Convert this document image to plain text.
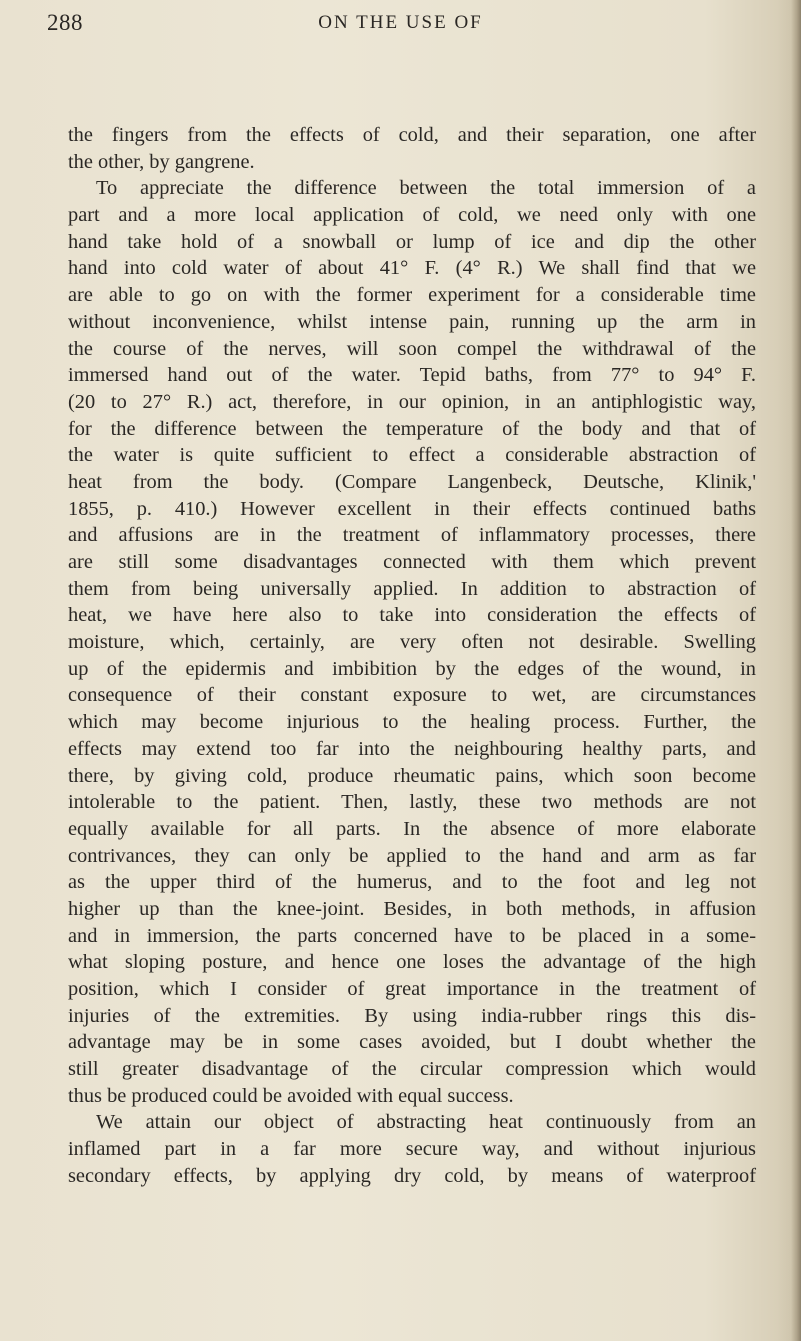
288	ON THE USE OF
the fingers from the effects of cold, and their separation, one after
the other, by gangrene.
To appreciate the difference between the total immersion of a
part and a more local application of cold, we need only with one
hand take hold of a snowball or lump of ice and dip the other
hand into cold water of about 41° F. (4° R.) We shall find that we
are able to go on with the former experiment for a considerable time
without inconvenience, whilst intense pain, running up the arm in
the course of the nerves, will soon compel the withdrawal of the
immersed hand out of the water. Tepid baths, from 77° to 94° F.
(20 to 27° R.) act, therefore, in our opinion, in an antiphlogistic way,
for the difference between the temperature of the body and that of
the water is quite sufficient to effect a considerable abstraction of
heat from the body. (Compare Langenbeck, Deutsche, Klinik,'
1855, p. 410.) However excellent in their effects continued baths
and affusions are in the treatment of inflammatory processes, there
are still some disadvantages connected with them which prevent
them from being universally applied. In addition to abstraction of
heat, we have here also to take into consideration the effects of
moisture, which, certainly, are very often not desirable. Swelling
up of the epidermis and imbibition by the edges of the wound, in
consequence of their constant exposure to wet, are circumstances
which may become injurious to the healing process. Further, the
effects may extend too far into the neighbouring healthy parts, and
there, by giving cold, produce rheumatic pains, which soon become
intolerable to the patient. Then, lastly, these two methods are not
equally available for all parts. In the absence of more elaborate
contrivances, they can only be applied to the hand and arm as far
as the upper third of the humerus, and to the foot and leg not
higher up than the knee-joint. Besides, in both methods, in affusion
and in immersion, the parts concerned have to be placed in a some-
what sloping posture, and hence one loses the advantage of the high
position, which I consider of great importance in the treatment of
injuries of the extremities. By using india-rubber rings this dis-
advantage may be in some cases avoided, but I doubt whether the
still greater disadvantage of the circular compression which would
thus be produced could be avoided with equal success.
We attain our object of abstracting heat continuously from an
inflamed part in a far more secure way, and without injurious
secondary effects, by applying dry cold, by means of waterproof
